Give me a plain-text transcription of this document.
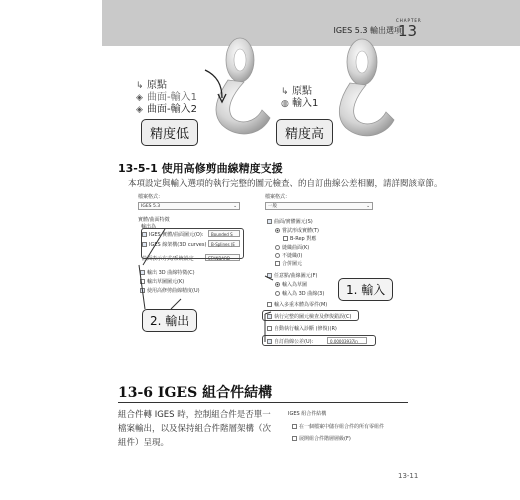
IGES 5.3 輸出選項
CHAPTER
13
↳ 原點
◈ 曲面-輸入1
◈ 曲面-輸入2
精度低
↳ 原點
◍ 輸入1
精度高
13-5-1 使用高修剪曲線精度支援
本項設定與輸入選項的執行完整的圖元檢查、的自訂曲線公差相關，請詳閱該章節。
檔案格式：
IGES 5.3	⌄
實體/曲面特徵
輸出為
IGES 實體/曲面圖元(O):	Bounded S
IGES 線架構(3D curves)	B-Splines (E
曲面表示方式/系統設定	STANDARD
輸出 3D 曲線特徵(C)
輸出草圖圖元(K)
使用高修剪曲線精度(U)
2. 輸出
檔案格式：
一般	⌄
曲面/實體圖元(S)
嘗試形成實體(T)
B-Rep 對應
縫織曲面(K)
不縫織(I)
合併圖元
任意點/曲線圖元(F)
輸入為草圖
輸入為 3D 曲線(3)
輸入多重本體為零件(M)
執行完整的圖元檢查及修復錯誤(C)
自動執行輸入診斷 (修復)(R)
自訂曲線公差(U):	0.00003937in
1. 輸入
13-6 IGES 組合件結構
組合件轉 IGES 時，控制組合件是否單一檔案輸出，以及保持組合件階層架構（次組件）呈現。
IGES 組合件結構
在一個檔案中儲存組合件的所有零組件
展開組合件階層層級(F)
13-11
